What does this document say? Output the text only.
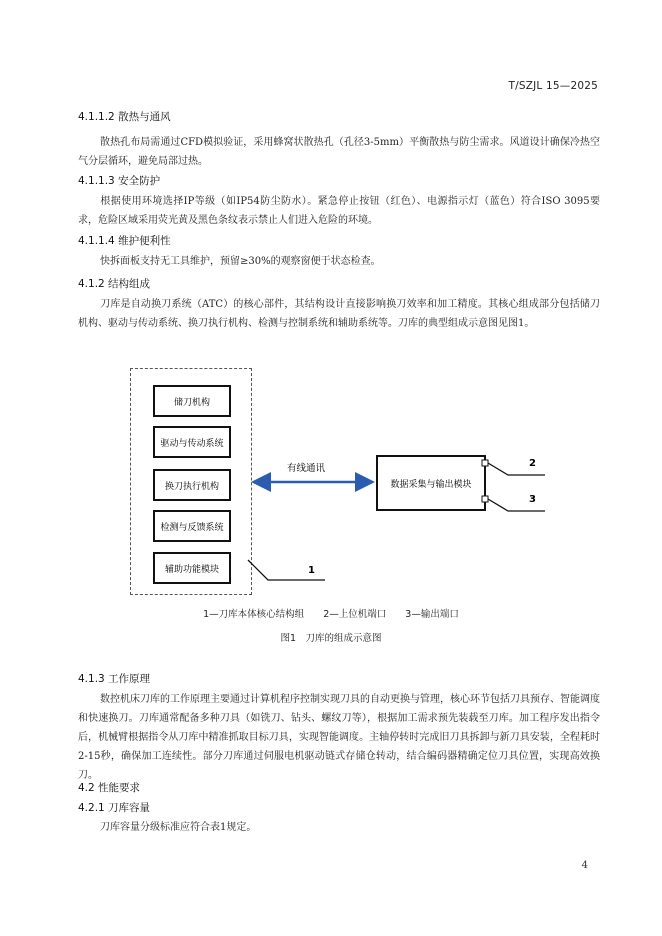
T/SZJL 15—2025
4.1.1.2 散热与通风
散热孔布局需通过CFD模拟验证，采用蜂窝状散热孔（孔径3-5mm）平衡散热与防尘需求。风道设计确保冷热空气分层循环，避免局部过热。
4.1.1.3 安全防护
根据使用环境选择IP等级（如IP54防尘防水）。紧急停止按钮（红色）、电源指示灯（蓝色）符合ISO 3095要求，危险区域采用荧光黄及黑色条纹表示禁止人们进入危险的环境。
4.1.1.4 维护便利性
快拆面板支持无工具维护，预留≥30%的观察窗便于状态检查。
4.1.2 结构组成
刀库是自动换刀系统（ATC）的核心部件，其结构设计直接影响换刀效率和加工精度。其核心组成部分包括储刀机构、驱动与传动系统、换刀执行机构、检测与控制系统和辅助系统等。刀库的典型组成示意图见图1。
储刀机构
驱动与传动系统
换刀执行机构
检测与反馈系统
辅助功能模块
数据采集与输出模块
有线通讯
1
2
3
1—刀库本体核心结构组 2—上位机端口 3—输出端口
图1　刀库的组成示意图
4.1.3 工作原理
数控机床刀库的工作原理主要通过计算机程序控制实现刀具的自动更换与管理，核心环节包括刀具预存、智能调度和快速换刀。刀库通常配备多种刀具（如铣刀、钻头、螺纹刀等），根据加工需求预先装载至刀库。加工程序发出指令后，机械臂根据指令从刀库中精准抓取目标刀具，实现智能调度。主轴停转时完成旧刀具拆卸与新刀具安装，全程耗时2-15秒，确保加工连续性。部分刀库通过伺服电机驱动链式存储仓转动，结合编码器精确定位刀具位置，实现高效换刀。
4.2 性能要求
4.2.1 刀库容量
刀库容量分级标准应符合表1规定。
4
